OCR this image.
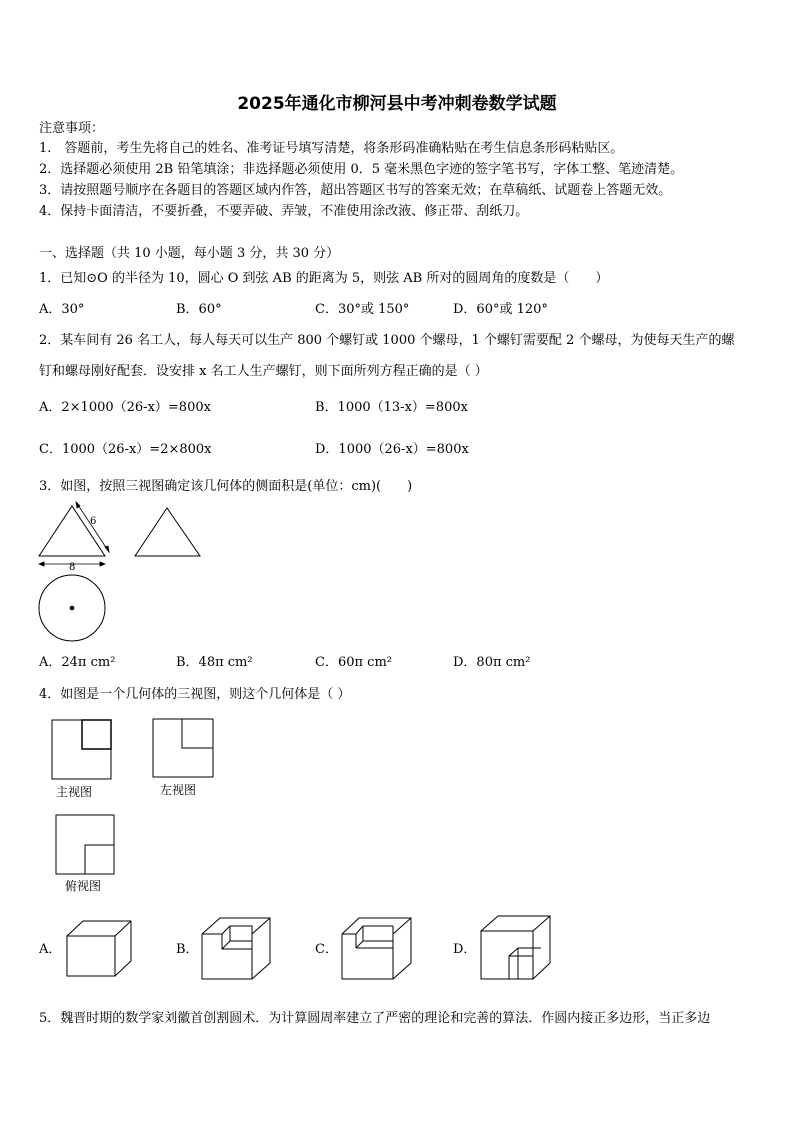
2025年通化市柳河县中考冲刺卷数学试题
注意事项：
1.　答题前，考生先将自己的姓名、准考证号填写清楚，将条形码准确粘贴在考生信息条形码粘贴区。
2．选择题必须使用 2B 铅笔填涂；非选择题必须使用 0．5 毫米黑色字迹的签字笔书写，字体工整、笔迹清楚。
3．请按照题号顺序在各题目的答题区域内作答，超出答题区书写的答案无效；在草稿纸、试题卷上答题无效。
4．保持卡面清洁，不要折叠，不要弄破、弄皱，不准使用涂改液、修正带、刮纸刀。
一、选择题（共 10 小题，每小题 3 分，共 30 分）
1．已知⊙O 的半径为 10，圆心 O 到弦 AB 的距离为 5，则弦 AB 所对的圆周角的度数是（　　）
A．30°	B．60°	C．30°或 150°	D．60°或 120°
2．某车间有 26 名工人，每人每天可以生产 800 个螺钉或 1000 个螺母，1 个螺钉需要配 2 个螺母，为使每天生产的螺
钉和螺母刚好配套．设安排 x 名工人生产螺钉，则下面所列方程正确的是（ ）
A．2×1000（26-x）=800x	B．1000（13-x）=800x
C．1000（26-x）=2×800x	D．1000（26-x）=800x
3．如图，按照三视图确定该几何体的侧面积是(单位：cm)(　　)
6
8
A．24π cm²	B．48π cm²	C．60π cm²	D．80π cm²
4．如图是一个几何体的三视图，则这个几何体是（ ）
主视图	左视图
俯视图
A．	B．	C．	D．
5．魏晋时期的数学家刘徽首创割圆术．为计算圆周率建立了严密的理论和完善的算法．作圆内接正多边形，当正多边
